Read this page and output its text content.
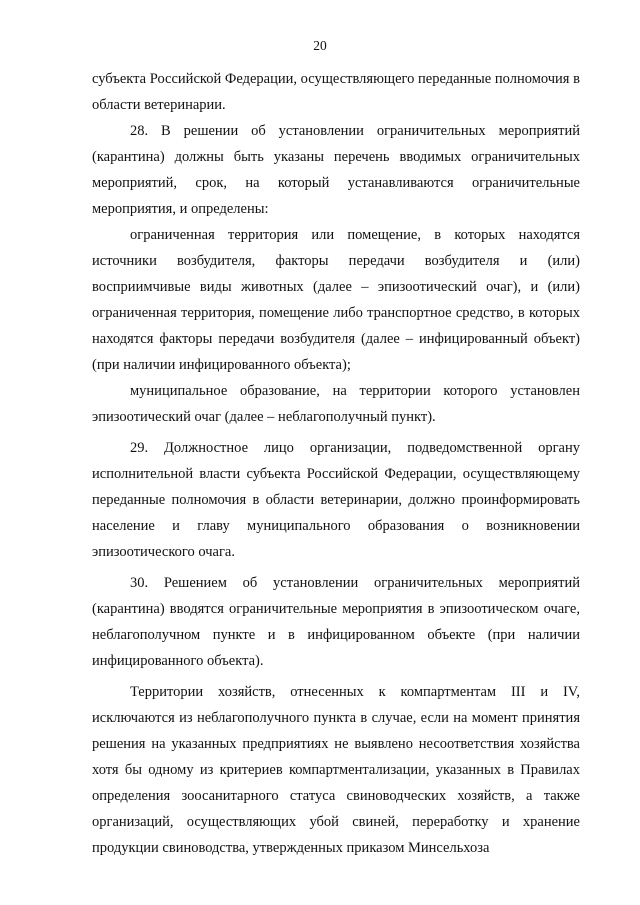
20

субъекта Российской Федерации, осуществляющего переданные полномочия в области ветеринарии.

28. В решении об установлении ограничительных мероприятий (карантина) должны быть указаны перечень вводимых ограничительных мероприятий, срок, на который устанавливаются ограничительные мероприятия, и определены:

ограниченная территория или помещение, в которых находятся источники возбудителя, факторы передачи возбудителя и (или) восприимчивые виды животных (далее – эпизоотический очаг), и (или) ограниченная территория, помещение либо транспортное средство, в которых находятся факторы передачи возбудителя (далее – инфицированный объект) (при наличии инфицированного объекта);

муниципальное образование, на территории которого установлен эпизоотический очаг (далее – неблагополучный пункт).

29. Должностное лицо организации, подведомственной органу исполнительной власти субъекта Российской Федерации, осуществляющему переданные полномочия в области ветеринарии, должно проинформировать население и главу муниципального образования о возникновении эпизоотического очага.

30. Решением об установлении ограничительных мероприятий (карантина) вводятся ограничительные мероприятия в эпизоотическом очаге, неблагополучном пункте и в инфицированном объекте (при наличии инфицированного объекта).

Территории хозяйств, отнесенных к компартментам III и IV, исключаются из неблагополучного пункта в случае, если на момент принятия решения на указанных предприятиях не выявлено несоответствия хозяйства хотя бы одному из критериев компартментализации, указанных в Правилах определения зоосанитарного статуса свиноводческих хозяйств, а также организаций, осуществляющих убой свиней, переработку и хранение продукции свиноводства, утвержденных приказом Минсельхоза
